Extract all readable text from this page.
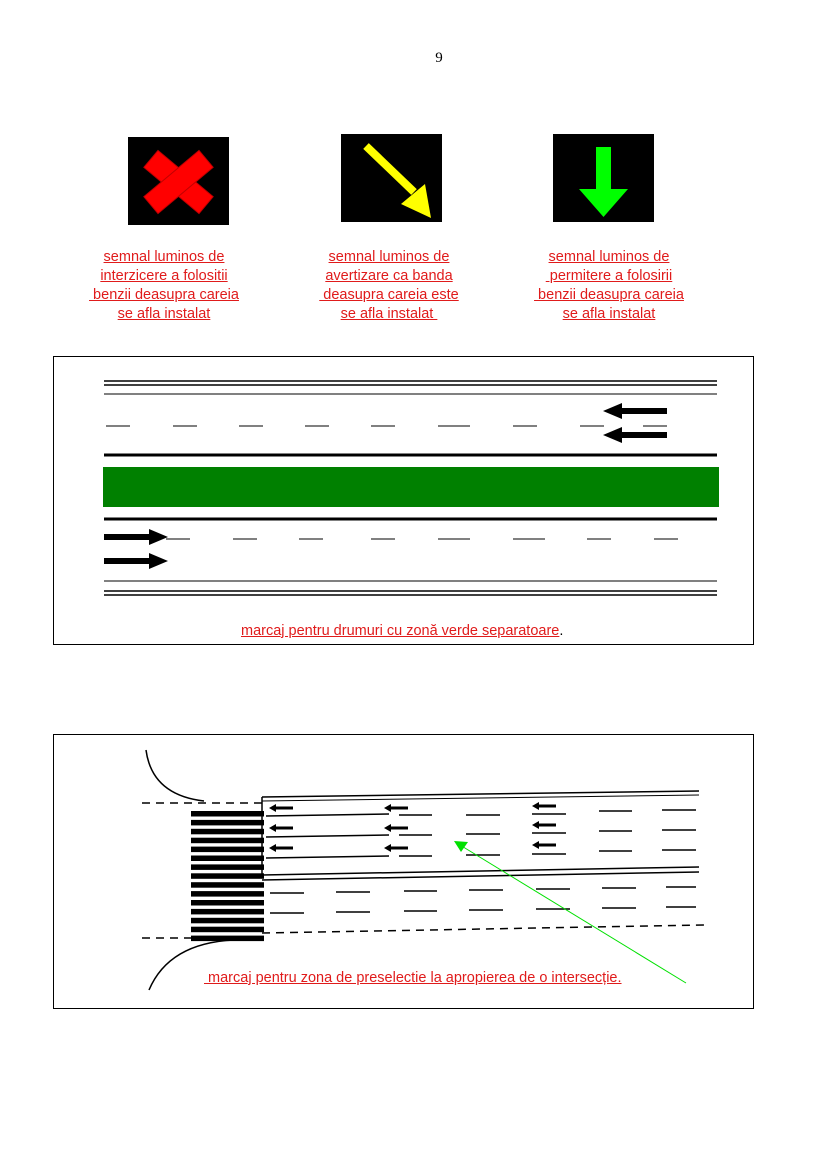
9
semnal luminos de
interzicere a folositii
benzii deasupra careia
se afla instalat
semnal luminos de
avertizare ca banda
deasupra careia este
se afla instalat
semnal luminos de
permitere a folosirii
benzii deasupra careia
se afla instalat
marcaj pentru drumuri cu zonă verde separatoare.
marcaj pentru zona de preselectie la apropierea de o intersecție.
